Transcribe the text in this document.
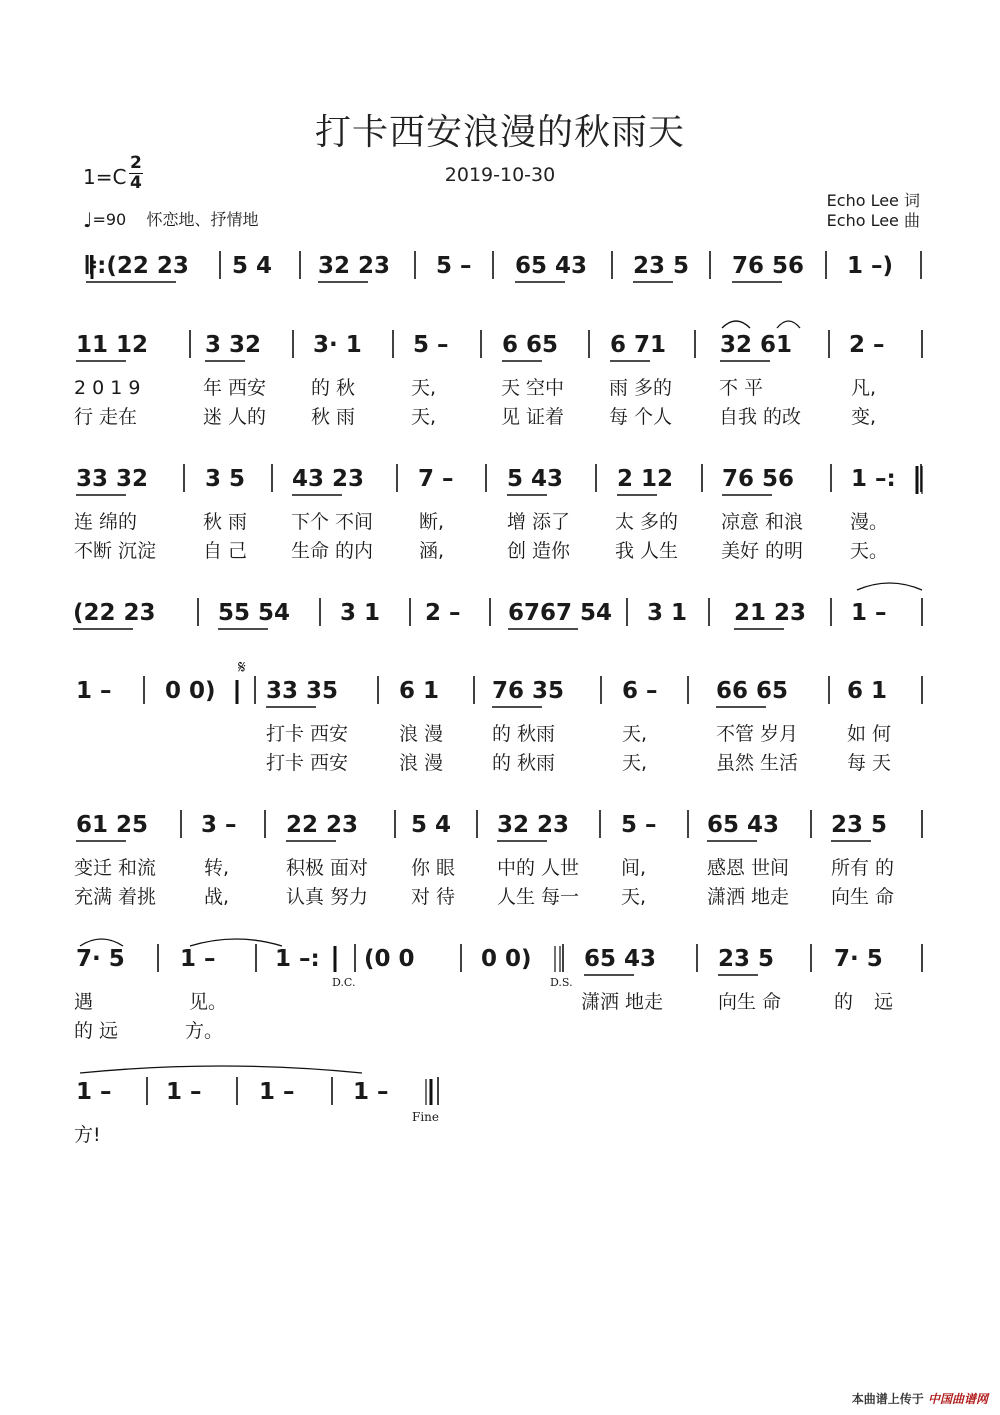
打卡西安浪漫的秋雨天
2019-10-30
1=C
2
4
♩=90 怀恋地、抒情地
Echo Lee 词
Echo Lee 曲
𝄆:(22 23 5 4 32 23 5 – 65 43 23 5 76 56 1 –)
11 12 3 32 3· 1 5 – 6 65 6 71 32 61 2 –
2 0 1 9	年 西安 的 秋	天,	天 空中 雨 多的 不 平	凡,
行 走在	迷 人的 秋 雨	天,	见 证着 每 个人 自我 的改	变,
33 32 3 5 43 23 7 – 5 43 2 12 76 56 1 –:
连 绵的	秋 雨 下个 不间 断,	增 添了 太 多的 凉意 和浪 漫。
不断 沉淀 自 己 生命 的内 涵,	创 造你 我 人生 美好 的明 天。
(22 23	55 54 3 1 2 – 6767 54 3 1 21 23 1 –
1 – 0 0) 33 35	6 1 76 35	6 –	66 65	6 1
打卡 西安	浪 漫	的 秋雨	天,	不管 岁月	如 何
打卡 西安	浪 漫	的 秋雨	天,	虽然 生活	每 天
61 25 3 – 22 23 5 4 32 23 5 – 65 43 23 5
变迁 和流	转,	积极 面对 你 眼 中的 人世 间,	感恩 世间 所有 的
充满 着挑	战,	认真 努力 对 待 人生 每一 天,	潇洒 地走 向生 命
7· 5 1 –	1 –: (0 0	0 0) 65 43	23 5	7· 5
遇	见。	潇洒 地走	向生 命	的 远
的 远	方。
1 – 1 – 1 –	1 –
方!
𝄋
D.C.	D.S.
Fine
本曲谱上传于 中国曲谱网
